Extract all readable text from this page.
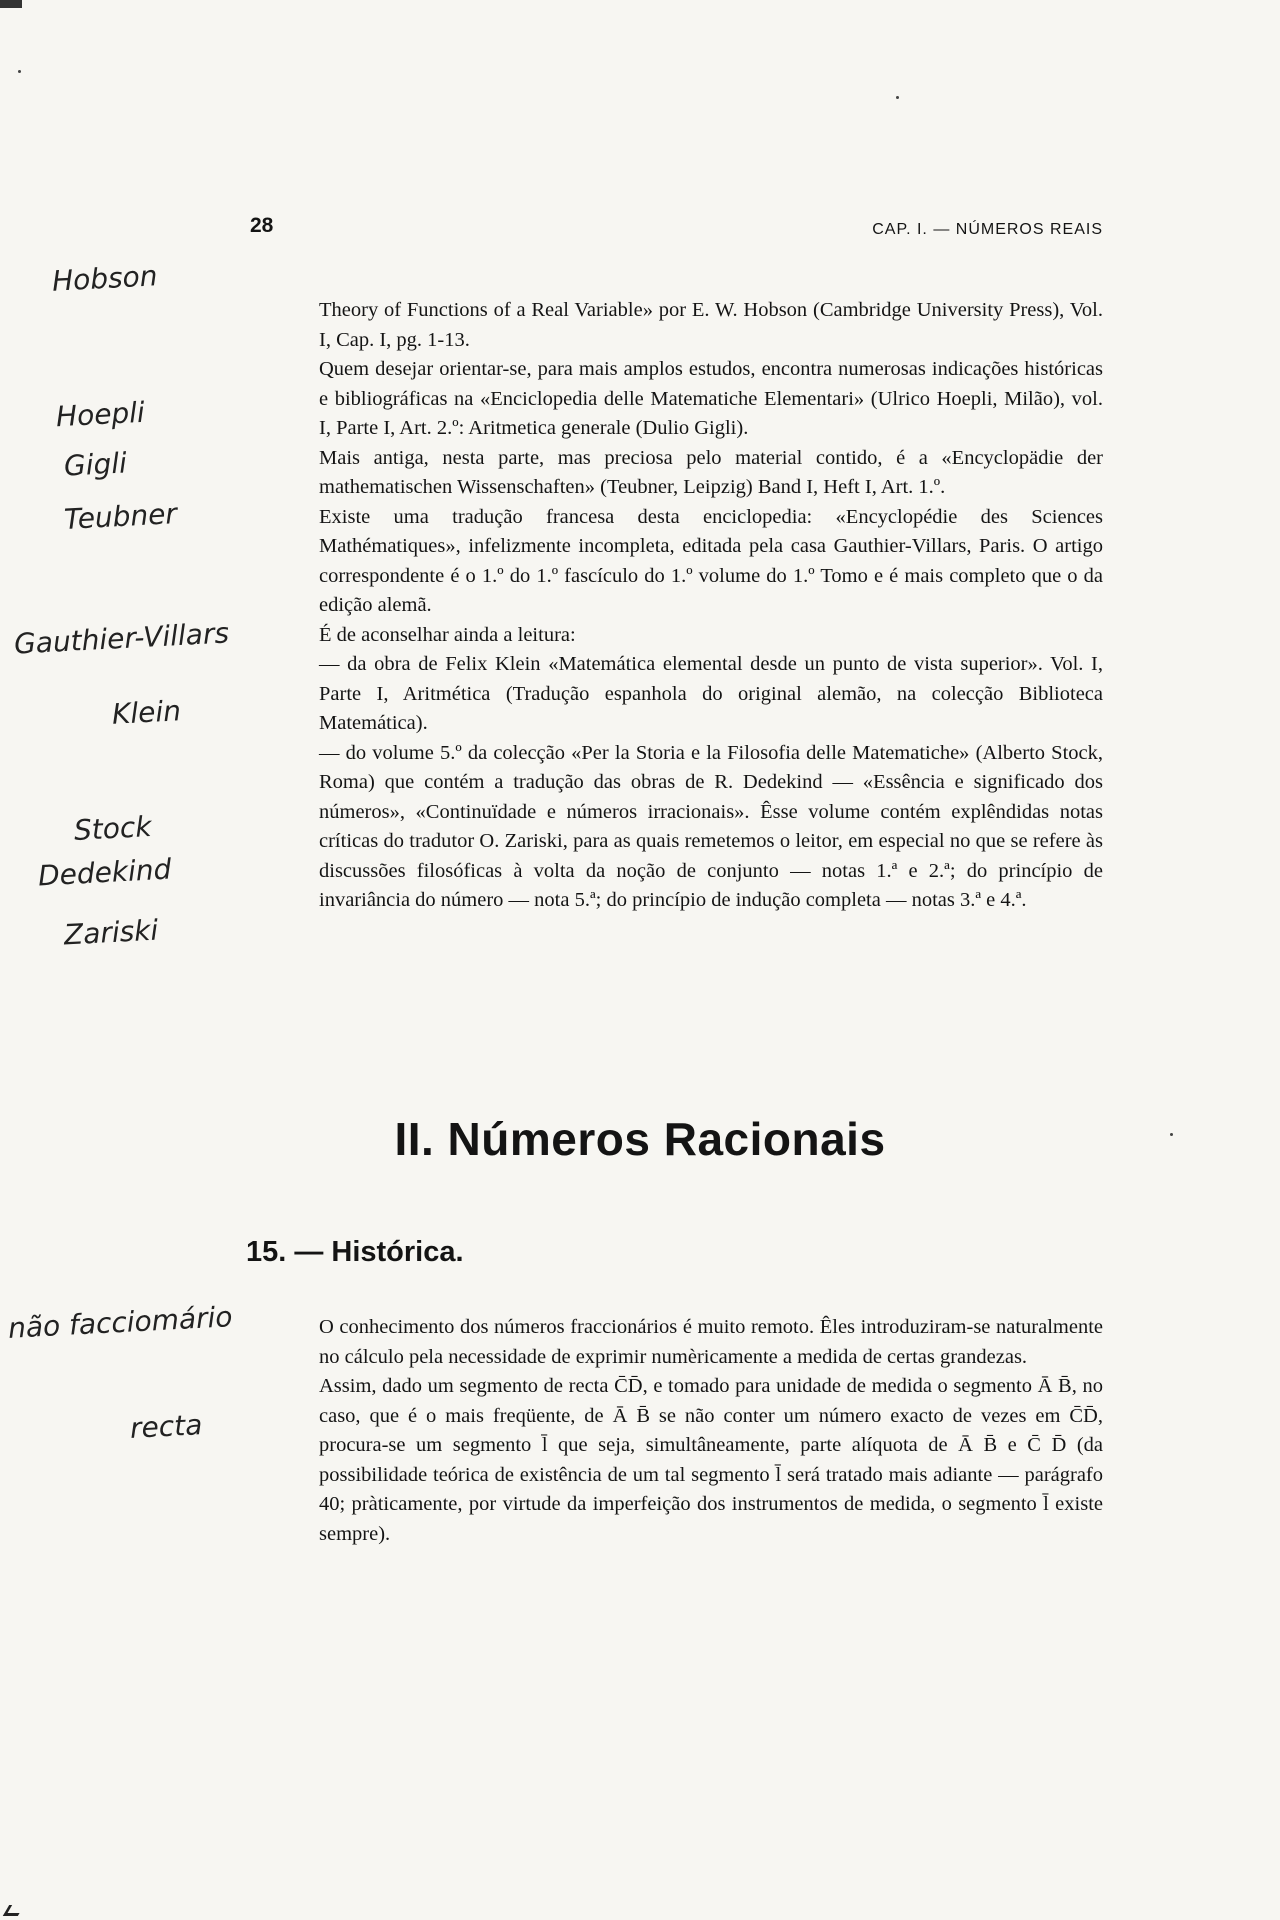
28	CAP. I. — NÚMEROS REAIS
Hobson
Hoepli
Gigli
Teubner
Gauthier-Villars
Klein
Stock
Dedekind
Zariski
não facciomário
recta

Theory of Functions of a Real Variable» por E. W. Hobson (Cambridge University Press), Vol. I, Cap. I, pg. 1-13.

Quem desejar orientar-se, para mais amplos estudos, encontra numerosas indicações históricas e bibliográficas na «Enciclopedia delle Matematiche Elementari» (Ulrico Hoepli, Milão), vol. I, Parte I, Art. 2.º: Aritmetica generale (Dulio Gigli).

Mais antiga, nesta parte, mas preciosa pelo material contido, é a «Encyclopädie der mathematischen Wissenschaften» (Teubner, Leipzig) Band I, Heft I, Art. 1.º.

Existe uma tradução francesa desta enciclopedia: «Encyclopédie des Sciences Mathématiques», infelizmente incompleta, editada pela casa Gauthier-Villars, Paris. O artigo correspondente é o 1.º do 1.º fascículo do 1.º volume do 1.º Tomo e é mais completo que o da edição alemã.

É de aconselhar ainda a leitura:

— da obra de Felix Klein «Matemática elemental desde un punto de vista superior». Vol. I, Parte I, Aritmética (Tradução espanhola do original alemão, na colecção Biblioteca Matemática).

— do volume 5.º da colecção «Per la Storia e la Filosofia delle Matematiche» (Alberto Stock, Roma) que contém a tradução das obras de R. Dedekind — «Essência e significado dos números», «Continuïdade e números irracionais». Êsse volume contém explêndidas notas críticas do tradutor O. Zariski, para as quais remetemos o leitor, em especial no que se refere às discussões filosóficas à volta da noção de conjunto — notas 1.ª e 2.ª; do princípio de invariância do número — nota 5.ª; do princípio de indução completa — notas 3.ª e 4.ª.

II. Números Racionais
15. — Histórica.

O conhecimento dos números fraccionários é muito remoto. Êles introduziram-se naturalmente no cálculo pela necessidade de exprimir numèricamente a medida de certas grandezas.

Assim, dado um segmento de recta C̄D̄, e tomado para unidade de medida o segmento Ā B̄, no caso, que é o mais freqüente, de Ā B̄ se não conter um número exacto de vezes em C̄D̄, procura-se um segmento l̄ que seja, simultâneamente, parte alíquota de Ā B̄ e C̄ D̄ (da possibilidade teórica de existência de um tal segmento l̄ será tratado mais adiante — parágrafo 40; pràticamente, por virtude da imperfeição dos instrumentos de medida, o segmento l̄ existe sempre).
